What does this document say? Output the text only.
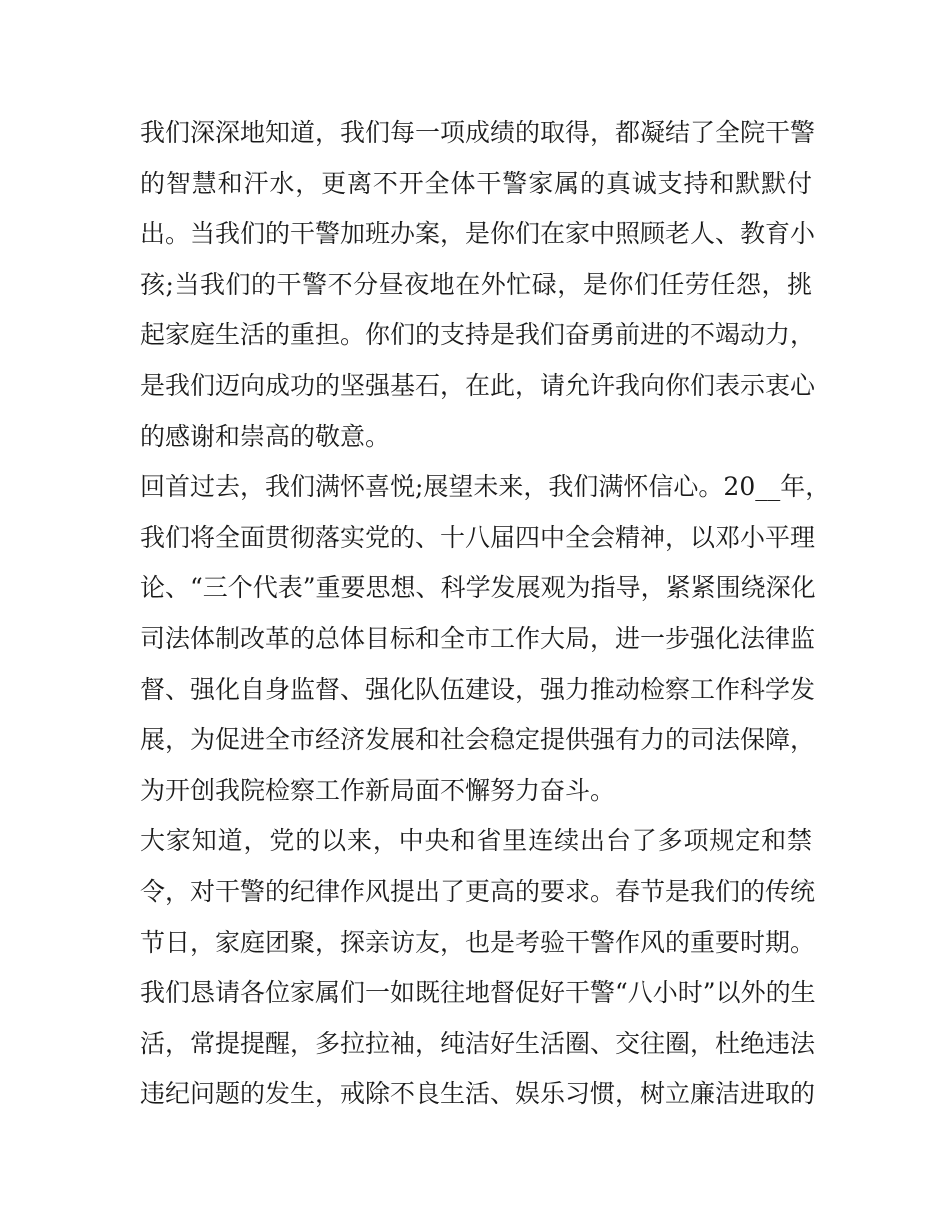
我们深深地知道，我们每一项成绩的取得，都凝结了全院干警
的智慧和汗水，更离不开全体干警家属的真诚支持和默默付
出。当我们的干警加班办案，是你们在家中照顾老人、教育小
孩;当我们的干警不分昼夜地在外忙碌，是你们任劳任怨，挑
起家庭生活的重担。你们的支持是我们奋勇前进的不竭动力，
是我们迈向成功的坚强基石，在此，请允许我向你们表示衷心
的感谢和崇高的敬意。
回首过去，我们满怀喜悦;展望未来，我们满怀信心。20__年，
我们将全面贯彻落实党的、十八届四中全会精神，以邓小平理
论、“三个代表”重要思想、科学发展观为指导，紧紧围绕深化
司法体制改革的总体目标和全市工作大局，进一步强化法律监
督、强化自身监督、强化队伍建设，强力推动检察工作科学发
展，为促进全市经济发展和社会稳定提供强有力的司法保障，
为开创我院检察工作新局面不懈努力奋斗。
大家知道，党的以来，中央和省里连续出台了多项规定和禁
令，对干警的纪律作风提出了更高的要求。春节是我们的传统
节日，家庭团聚，探亲访友，也是考验干警作风的重要时期。
我们恳请各位家属们一如既往地督促好干警“八小时”以外的生
活，常提提醒，多拉拉袖，纯洁好生活圈、交往圈，杜绝违法
违纪问题的发生，戒除不良生活、娱乐习惯，树立廉洁进取的
